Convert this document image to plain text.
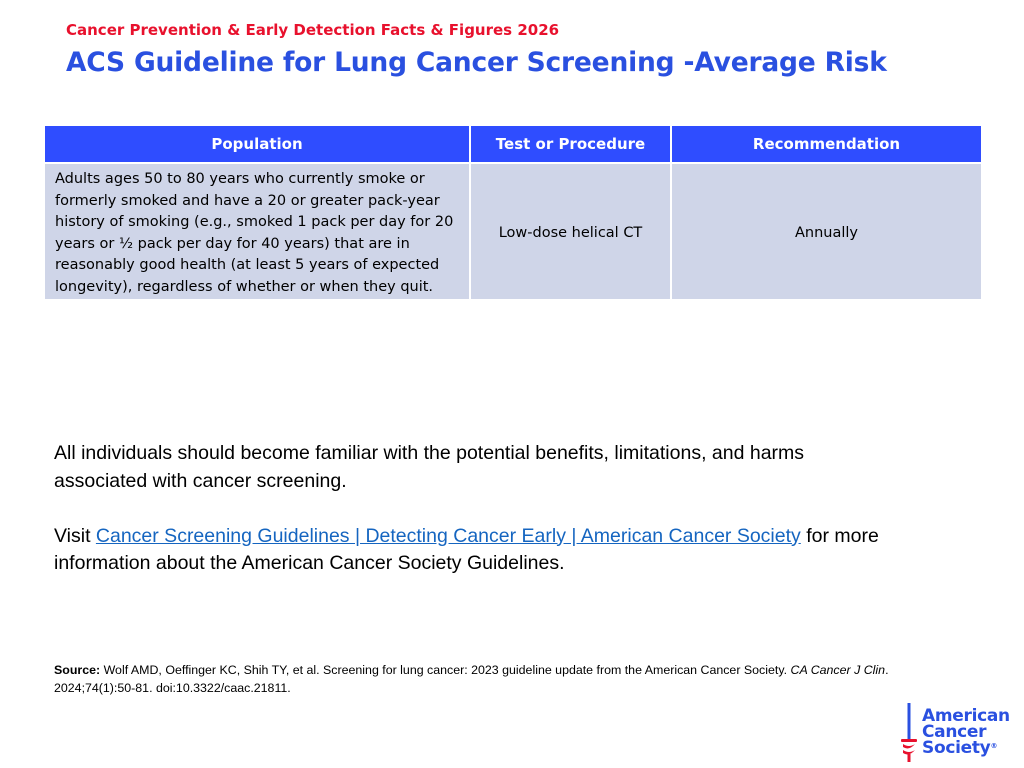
Cancer Prevention & Early Detection Facts & Figures 2026
ACS Guideline for Lung Cancer Screening -Average Risk
Population	Test or Procedure	Recommendation
Adults ages 50 to 80 years who currently smoke or formerly smoked and have a 20 or greater pack-year history of smoking (e.g., smoked 1 pack per day for 20 years or ½ pack per day for 40 years) that are in reasonably good health (at least 5 years of expected longevity), regardless of whether or when they quit.	Low-dose helical CT	Annually

All individuals should become familiar with the potential benefits, limitations, and harms associated with cancer screening.

Visit Cancer Screening Guidelines | Detecting Cancer Early | American Cancer Society for more information about the American Cancer Society Guidelines.

Source: Wolf AMD, Oeffinger KC, Shih TY, et al. Screening for lung cancer: 2023 guideline update from the American Cancer Society. CA Cancer J Clin. 2024;74(1):50-81. doi:10.3322/caac.21811.
American
Cancer
Society®
